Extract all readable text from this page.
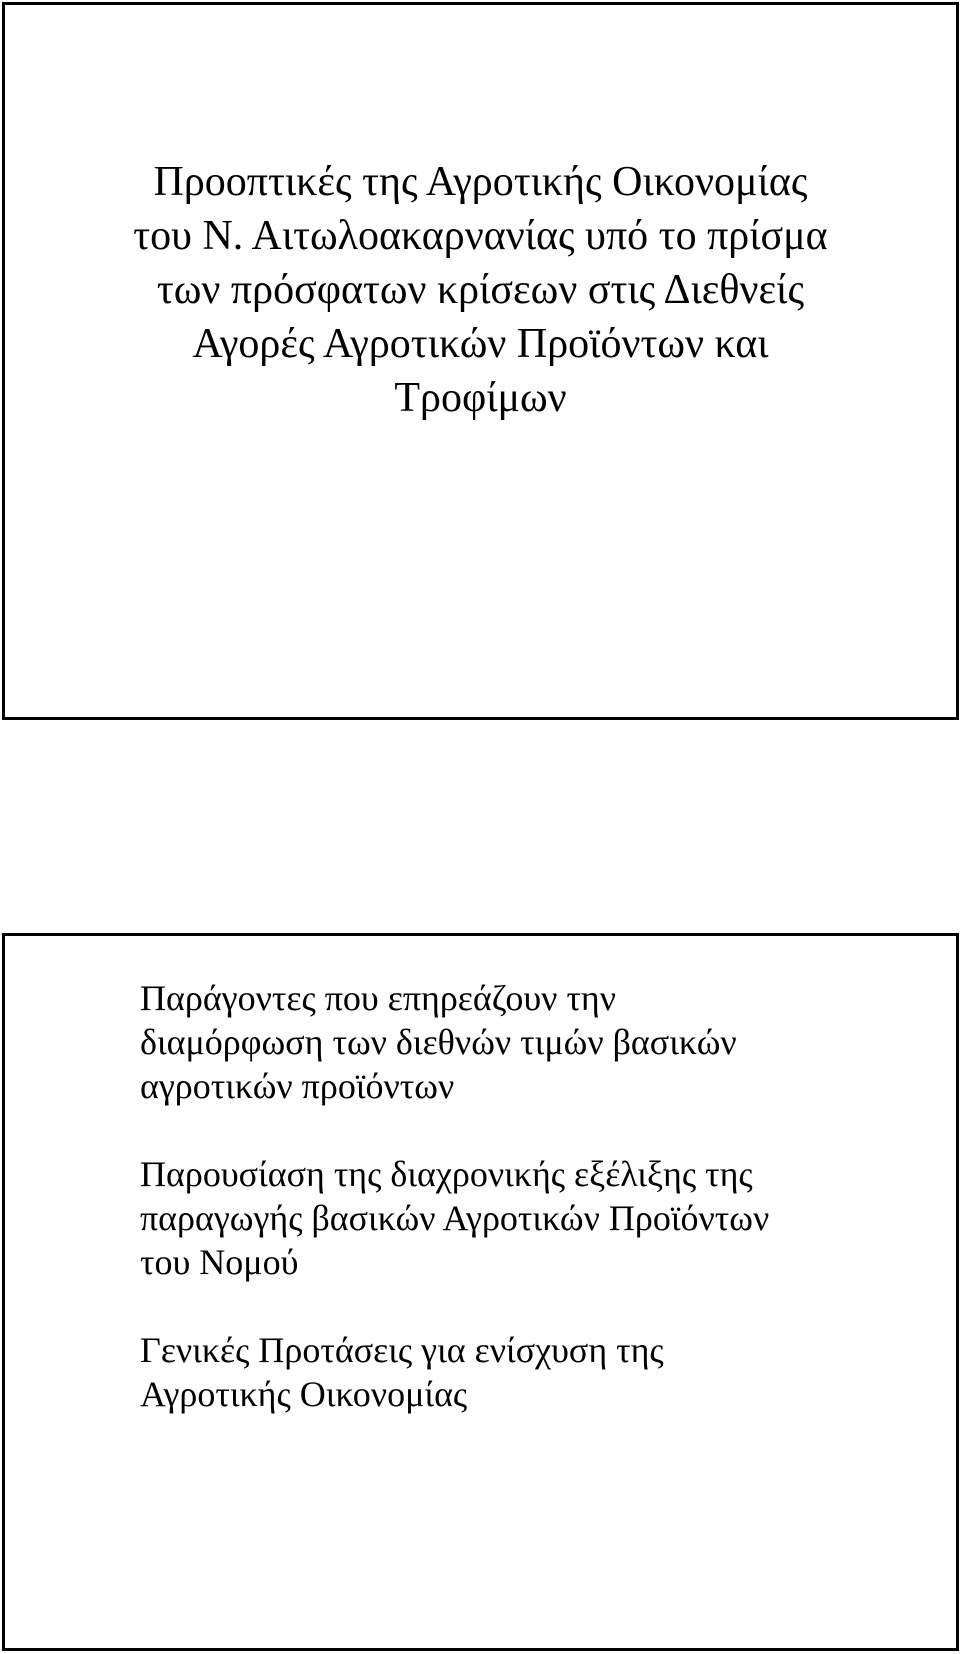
Προοπτικές της Αγροτικής Οικονομίας
του Ν. Αιτωλοακαρνανίας υπό το πρίσμα
των πρόσφατων κρίσεων στις Διεθνείς
Αγορές Αγροτικών Προϊόντων και
Τροφίμων
Παράγοντες που επηρεάζουν την
διαμόρφωση των διεθνών τιμών βασικών
αγροτικών προϊόντων
Παρουσίαση της διαχρονικής εξέλιξης της
παραγωγής βασικών Αγροτικών Προϊόντων
του Νομού
Γενικές Προτάσεις για ενίσχυση της
Αγροτικής Οικονομίας
